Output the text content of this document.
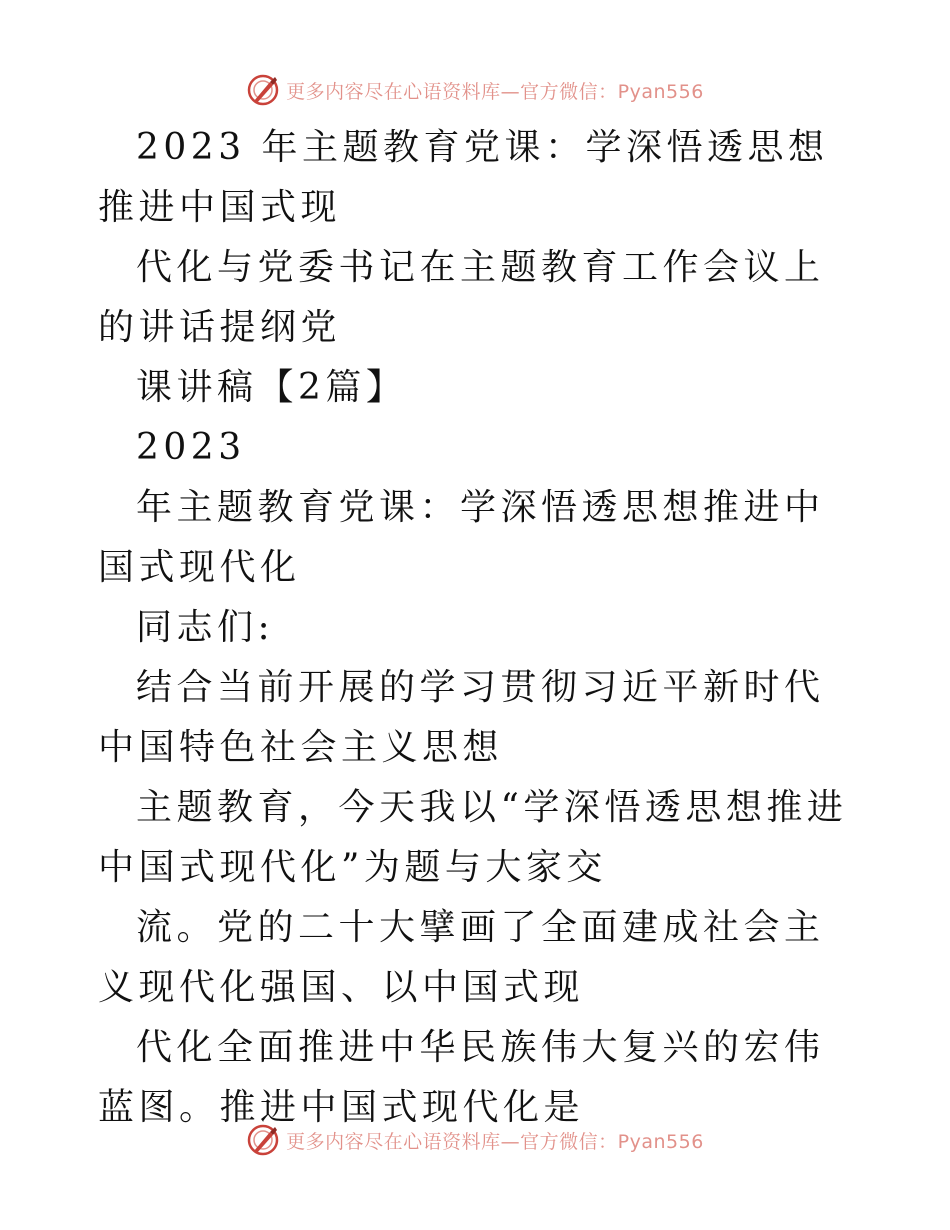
更多内容尽在心语资料库—官方微信：Pyan556

2023 年主题教育党课：学深悟透思想推进中国式现

代化与党委书记在主题教育工作会议上的讲话提纲党

课讲稿【2篇】

2023

年主题教育党课：学深悟透思想推进中国式现代化

同志们:

结合当前开展的学习贯彻习近平新时代中国特色社会主义思想

主题教育，今天我以“学深悟透思想推进中国式现代化”为题与大家交

流。党的二十大擘画了全面建成社会主义现代化强国、以中国式现

代化全面推进中华民族伟大复兴的宏伟蓝图。推进中国式现代化是

更多内容尽在心语资料库—官方微信：Pyan556
